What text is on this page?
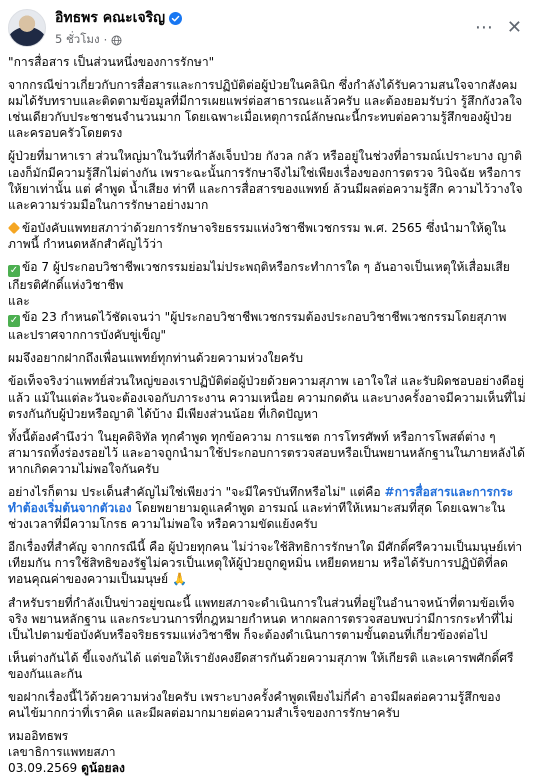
อิทธพร คณะเจริญ
5 ชั่วโมง ·
⋯ ✕

"การสื่อสาร เป็นส่วนหนึ่งของการรักษา"

จากกรณีข่าวเกี่ยวกับการสื่อสารและการปฏิบัติต่อผู้ป่วยในคลินิก ซึ่งกำลังได้รับความสนใจจากสังคม ผมได้รับทราบและติดตามข้อมูลที่มีการเผยแพร่ต่อสาธารณะแล้วครับ และต้องยอมรับว่า รู้สึกกังวลใจเช่นเดียวกับประชาชนจำนวนมาก โดยเฉพาะเมื่อเหตุการณ์ลักษณะนี้กระทบต่อความรู้สึกของผู้ป่วยและครอบครัวโดยตรง

ผู้ป่วยที่มาหาเรา ส่วนใหญ่มาในวันที่กำลังเจ็บป่วย กังวล กลัว หรืออยู่ในช่วงที่อารมณ์เปราะบาง ญาติเองก็มักมีความรู้สึกไม่ต่างกัน เพราะฉะนั้นการรักษาจึงไม่ใช่เพียงเรื่องของการตรวจ วินิจฉัย หรือการให้ยาเท่านั้น แต่ คำพูด น้ำเสียง ท่าที และการสื่อสารของแพทย์ ล้วนมีผลต่อความรู้สึก ความไว้วางใจ และความร่วมมือในการรักษาอย่างมาก

ข้อบังคับแพทยสภาว่าด้วยการรักษาจริยธรรมแห่งวิชาชีพเวชกรรม พ.ศ. 2565 ซึ่งนำมาให้ดูในภาพนี้ กำหนดหลักสำคัญไว้ว่า

✓ ข้อ 7 ผู้ประกอบวิชาชีพเวชกรรมย่อมไม่ประพฤติหรือกระทำการใด ๆ อันอาจเป็นเหตุให้เสื่อมเสียเกียรติศักดิ์แห่งวิชาชีพ

และ

✓ ข้อ 23 กำหนดไว้ชัดเจนว่า "ผู้ประกอบวิชาชีพเวชกรรมต้องประกอบวิชาชีพเวชกรรมโดยสุภาพและปราศจากการบังคับขู่เข็ญ"

ผมจึงอยากฝากถึงเพื่อนแพทย์ทุกท่านด้วยความห่วงใยครับ

ข้อเท็จจริงว่าแพทย์ส่วนใหญ่ของเราปฏิบัติต่อผู้ป่วยด้วยความสุภาพ เอาใจใส่ และรับผิดชอบอย่างดีอยู่แล้ว แม้ในแต่ละวันจะต้องเจอกับภาระงาน ความเหนื่อย ความกดดัน และบางครั้งอาจมีความเห็นที่ไม่ตรงกันกับผู้ป่วยหรือญาติ ได้บ้าง มีเพียงส่วนน้อย ที่เกิดปัญหา

ทั้งนี้ต้องคำนึงว่า ในยุคดิจิทัล ทุกคำพูด ทุกข้อความ การแชต การโทรศัพท์ หรือการโพสต์ต่าง ๆ สามารถทิ้งร่องรอยไว้ และอาจถูกนำมาใช้ประกอบการตรวจสอบหรือเป็นพยานหลักฐานในภายหลังได้ หากเกิดความไม่พอใจกันครับ

อย่างไรก็ตาม ประเด็นสำคัญไม่ใช่เพียงว่า "จะมีใครบันทึกหรือไม่" แต่คือ #การสื่อสารและการกระทำต้องเริ่มต้นจากตัวเอง โดยพยายามดูแลคำพูด อารมณ์ และท่าทีให้เหมาะสมที่สุด โดยเฉพาะในช่วงเวลาที่มีความโกรธ ความไม่พอใจ หรือความขัดแย้งครับ

อีกเรื่องที่สำคัญ จากกรณีนี้ คือ ผู้ป่วยทุกคน ไม่ว่าจะใช้สิทธิการรักษาใด มีศักดิ์ศรีความเป็นมนุษย์เท่าเทียมกัน การใช้สิทธิของรัฐไม่ควรเป็นเหตุให้ผู้ป่วยถูกดูหมิ่น เหยียดหยาม หรือได้รับการปฏิบัติที่ลดทอนคุณค่าของความเป็นมนุษย์ 🙏

สำหรับรายที่กำลังเป็นข่าวอยู่ขณะนี้ แพทยสภาจะดำเนินการในส่วนที่อยู่ในอำนาจหน้าที่ตามข้อเท็จจริง พยานหลักฐาน และกระบวนการที่กฎหมายกำหนด หากผลการตรวจสอบพบว่ามีการกระทำที่ไม่เป็นไปตามข้อบังคับหรือจริยธรรมแห่งวิชาชีพ ก็จะต้องดำเนินการตามขั้นตอนที่เกี่ยวข้องต่อไป

เห็นต่างกันได้ ขี้แจงกันได้ แต่ขอให้เรายังคงยึดสารกันด้วยความสุภาพ ให้เกียรติ และเคารพศักดิ์ศรีของกันและกัน

ขอฝากเรื่องนี้ไว้ด้วยความห่วงใยครับ เพราะบางครั้งคำพูดเพียงไม่กี่คำ อาจมีผลต่อความรู้สึกของคนไข้มากกว่าที่เราคิด และมีผลต่อมากมายต่อความสำเร็จของการรักษาครับ

หมออิทธพร

เลขาธิการแพทยสภา

03.09.2569 ดูน้อยลง
